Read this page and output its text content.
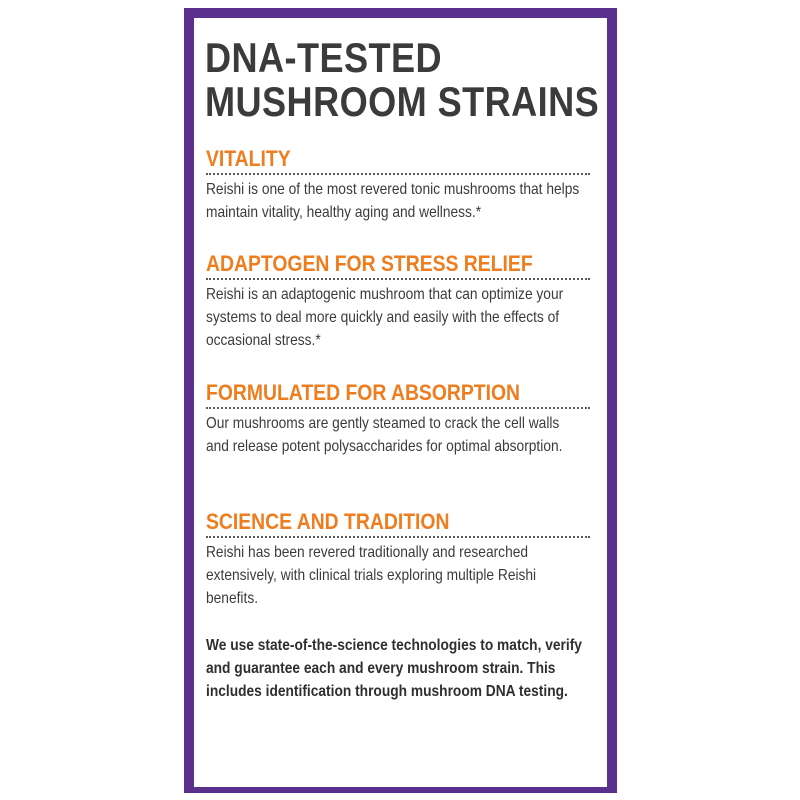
DNA-TESTED
MUSHROOM STRAINS
VITALITY
Reishi is one of the most revered tonic mushrooms that helps maintain vitality, healthy aging and wellness.*
ADAPTOGEN FOR STRESS RELIEF
Reishi is an adaptogenic mushroom that can optimize your systems to deal more quickly and easily with the effects of occasional stress.*
FORMULATED FOR ABSORPTION
Our mushrooms are gently steamed to crack the cell walls and release potent polysaccharides for optimal absorption.
SCIENCE AND TRADITION
Reishi has been revered traditionally and researched extensively, with clinical trials exploring multiple Reishi benefits.
We use state-of-the-science technologies to match, verify and guarantee each and every mushroom strain. This includes identification through mushroom DNA testing.
